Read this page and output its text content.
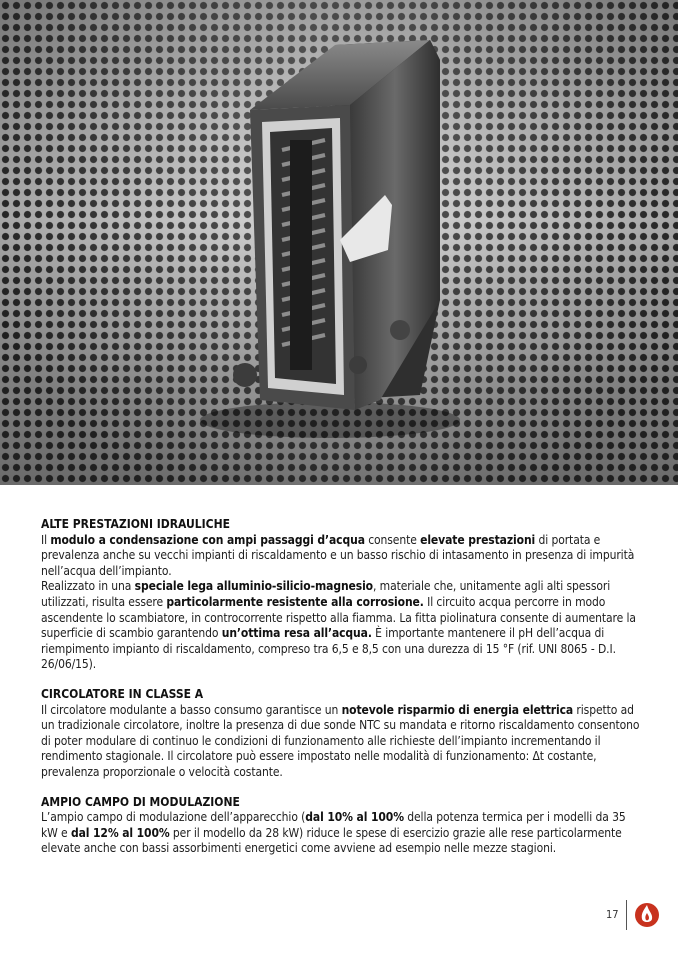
ALTE PRESTAZIONI IDRAULICHE

Il modulo a condensazione con ampi passaggi d’acqua consente elevate prestazioni di portata e prevalenza anche su vecchi impianti di riscaldamento e un basso rischio di intasamento in presenza di impurità nell’acqua dell’impianto.

Realizzato in una speciale lega alluminio-silicio-magnesio, materiale che, unitamente agli alti spessori utilizzati, risulta essere particolarmente resistente alla corrosione. Il circuito acqua percorre in modo ascendente lo scambiatore, in controcorrente rispetto alla fiamma. La fitta piolinatura consente di aumentare la superficie di scambio garantendo un’ottima resa all’acqua. È importante mantenere il pH dell’acqua di riempimento impianto di riscaldamento, compreso tra 6,5 e 8,5 con una durezza di 15 °F (rif. UNI 8065 - D.I. 26/06/15).

CIRCOLATORE IN CLASSE A

Il circolatore modulante a basso consumo garantisce un notevole risparmio di energia elettrica rispetto ad un tradizionale circolatore, inoltre la presenza di due sonde NTC su mandata e ritorno riscaldamento consentono di poter modulare di continuo le condizioni di funzionamento alle richieste dell’impianto incrementando il rendimento stagionale. Il circolatore può essere impostato nelle modalità di funzionamento: Δt costante, prevalenza proporzionale o velocità costante.

AMPIO CAMPO DI MODULAZIONE

L’ampio campo di modulazione dell’apparecchio (dal 10% al 100% della potenza termica per i modelli da 35 kW e dal 12% al 100% per il modello da 28 kW) riduce le spese di esercizio grazie alle rese particolarmente elevate anche con bassi assorbimenti energetici come avviene ad esempio nelle mezze stagioni.

17
